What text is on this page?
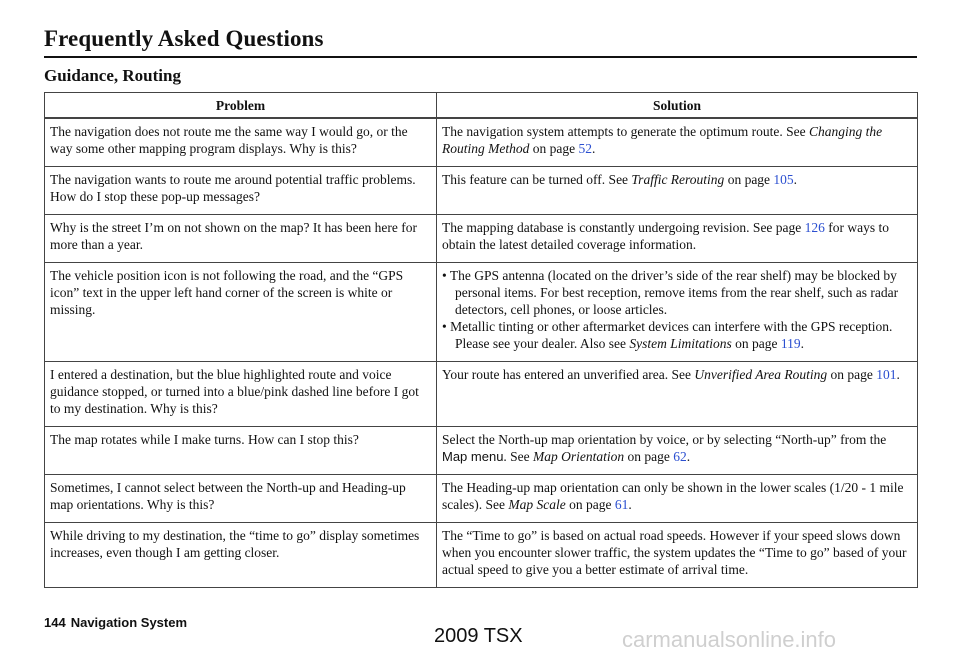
Frequently Asked Questions
Guidance, Routing
Problem	Solution
The navigation does not route me the same way I would go, or the way some other mapping program displays. Why is this?	The navigation system attempts to generate the optimum route. See Changing the Routing Method on page 52.
The navigation wants to route me around potential traffic problems. How do I stop these pop-up messages?	This feature can be turned off. See Traffic Rerouting on page 105.
Why is the street I’m on not shown on the map? It has been here for more than a year.	The mapping database is constantly undergoing revision. See page 126 for ways to obtain the latest detailed coverage information.
The vehicle position icon is not following the road, and the “GPS icon” text in the upper left hand corner of the screen is white or missing.	• The GPS antenna (located on the driver’s side of the rear shelf) may be blocked by personal items. For best reception, remove items from the rear shelf, such as radar detectors, cell phones, or loose articles.
• Metallic tinting or other aftermarket devices can interfere with the GPS reception. Please see your dealer. Also see System Limitations on page 119.

I entered a destination, but the blue highlighted route and voice guidance stopped, or turned into a blue/pink dashed line before I got to my destination. Why is this?	Your route has entered an unverified area. See Unverified Area Routing on page 101.
The map rotates while I make turns. How can I stop this?	Select the North-up map orientation by voice, or by selecting “North-up” from the Map menu. See Map Orientation on page 62.
Sometimes, I cannot select between the North-up and Heading-up map orientations. Why is this?	The Heading-up map orientation can only be shown in the lower scales (1/20 - 1 mile scales). See Map Scale on page 61.
While driving to my destination, the “time to go” display sometimes increases, even though I am getting closer.	The “Time to go” is based on actual road speeds. However if your speed slows down when you encounter slower traffic, the system updates the “Time to go” based of your actual speed to give you a better estimate of arrival time.
144 Navigation System
2009 TSX	carmanualsonline.info
